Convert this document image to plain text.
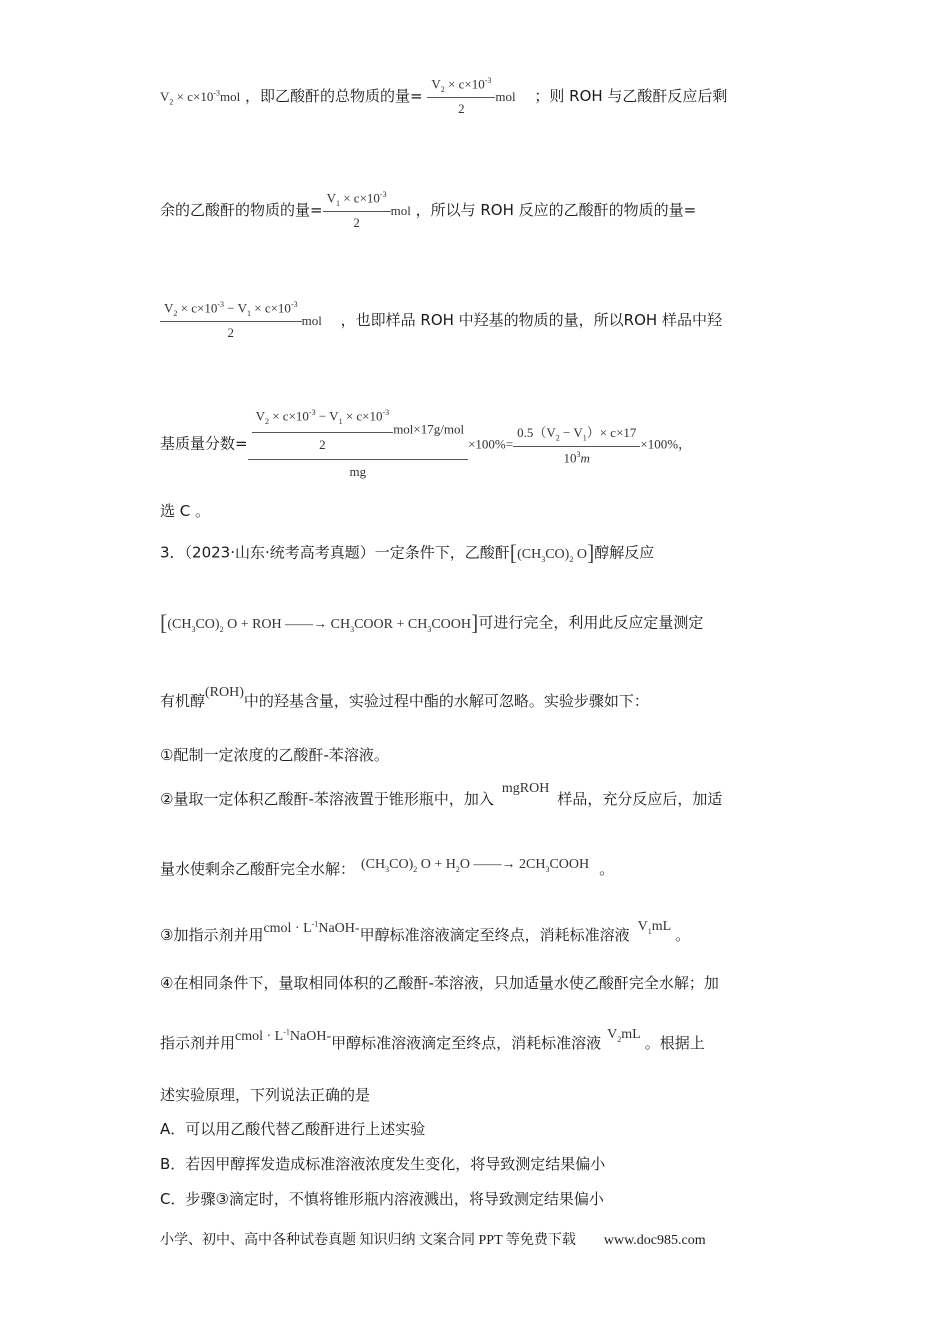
$V_2 \times c\times 10^{-3}mol$ ，即乙酸酐的总物质的量= $\frac{V_2 \times c\times 10^{-3}}{2}$ mol ；则 ROH 与乙酸酐反应后剩
余的乙酸酐的物质的量= $\frac{V_1 \times c\times 10^{-3}}{2}$ mol ，所以与 ROH 反应的乙酸酐的物质的量=
$\frac{V_2 \times c\times 10^{-3} - V_1 \times c\times 10^{-3}}{2}$ mol ，也即样品 ROH 中羟基的物质的量，所以ROH 样品中羟
基质量分数= $\frac{\frac{V_2 \times c\times 10^{-3} - V_1 \times c\times 10^{-3}}{2} mol\times 17g/mol}{mg} \times 100\%= \frac{0.5(V_2 - V_1)\times c\times 17}{10^3m} \times 100\%$，
选 C 。
3．（2023·山东·统考高考真题）一定条件下，乙酸酐[$(CH_3CO)_2$ O]醇解反应
[$(CH_3CO)_2$ O + ROH ——→ $CH_3COOR$ + $CH_3COOH$]可进行完全，利用此反应定量测定
有机醇(ROH)中的羟基含量，实验过程中酯的水解可忽略。实验步骤如下：
①配制一定浓度的乙酸酐-苯溶液。
②量取一定体积乙酸酐-苯溶液置于锥形瓶中，加入mgROH样品，充分反应后，加适
量水使剩余乙酸酐完全水解： $(CH_3CO)_2$ $O + H_2O$ ——→ $2CH_3COOH$ 。
③加指示剂并用cmol · $L^{-1}NaOH-$甲醇标准溶液滴定至终点，消耗标准溶液 $V_1mL$ 。
④在相同条件下，量取相同体积的乙酸酐-苯溶液，只加适量水使乙酸酐完全水解；加
指示剂并用cmol · $L^{-1}NaOH-$甲醇标准溶液滴定至终点，消耗标准溶液 $V_2mL$ 。根据上
述实验原理，下列说法正确的是
A．可以用乙酸代替乙酸酐进行上述实验
B．若因甲醇挥发造成标准溶液浓度发生变化，将导致测定结果偏小
C．步骤③滴定时，不慎将锥形瓶内溶液溅出，将导致测定结果偏小
小学、初中、高中各种试卷真题 知识归纳 文案合同 PPT 等免费下载 www.doc985.com
